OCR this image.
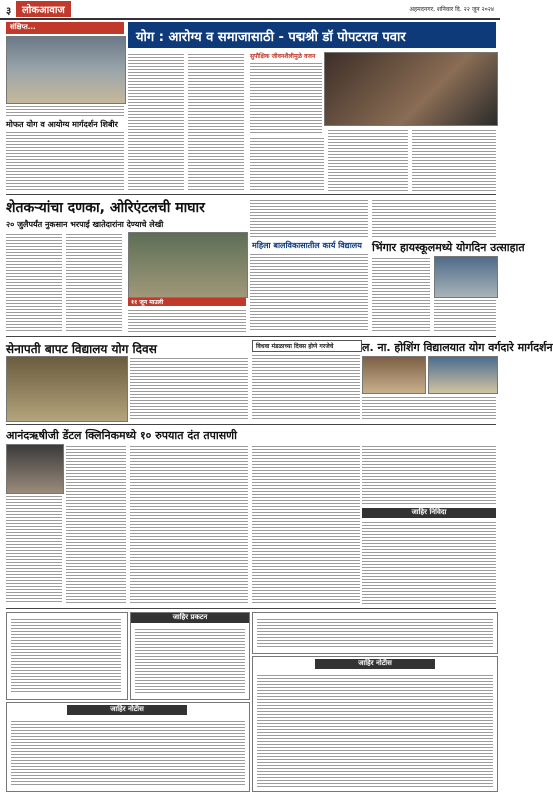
३	लोकआवाज	अहमदनगर, शनिवार दि. २२ जून २०२४
संक्षिप्त...
मोफत योग व आयोग्य मार्गदर्शन शिबीर
योग : आरोग्य व समाजासाठी - पद्मश्री डॉ पोपटराव पवार
सुपौक्षिक जीवनशैलीमुळे वजन
शेतकऱ्यांचा दणका, ओरिएंटलची माघार
२० जुलैपर्यंत नुकसान भरपाई खातेदारांना देण्याचे लेखी
११ जून माउली
महिला बालविकासातील कार्य विद्यालय भिंगार हायस्कूलमध्ये योगदिन उत्साहात
सेनापती बापट विद्यालय योग दिवस	विधवा मंडळाच्या दिवस होणे गरजेचे	ल. ना. होशिंग विद्यालयात योग वर्गदारे मार्गदर्शन
आनंदऋषीजी डेंटल क्लिनिकमध्ये १० रुपयात दंत तपासणी
जाहिर निविदा
जाहिर प्रकटन
जाहिर नोटीस
जाहिर नोटीस
